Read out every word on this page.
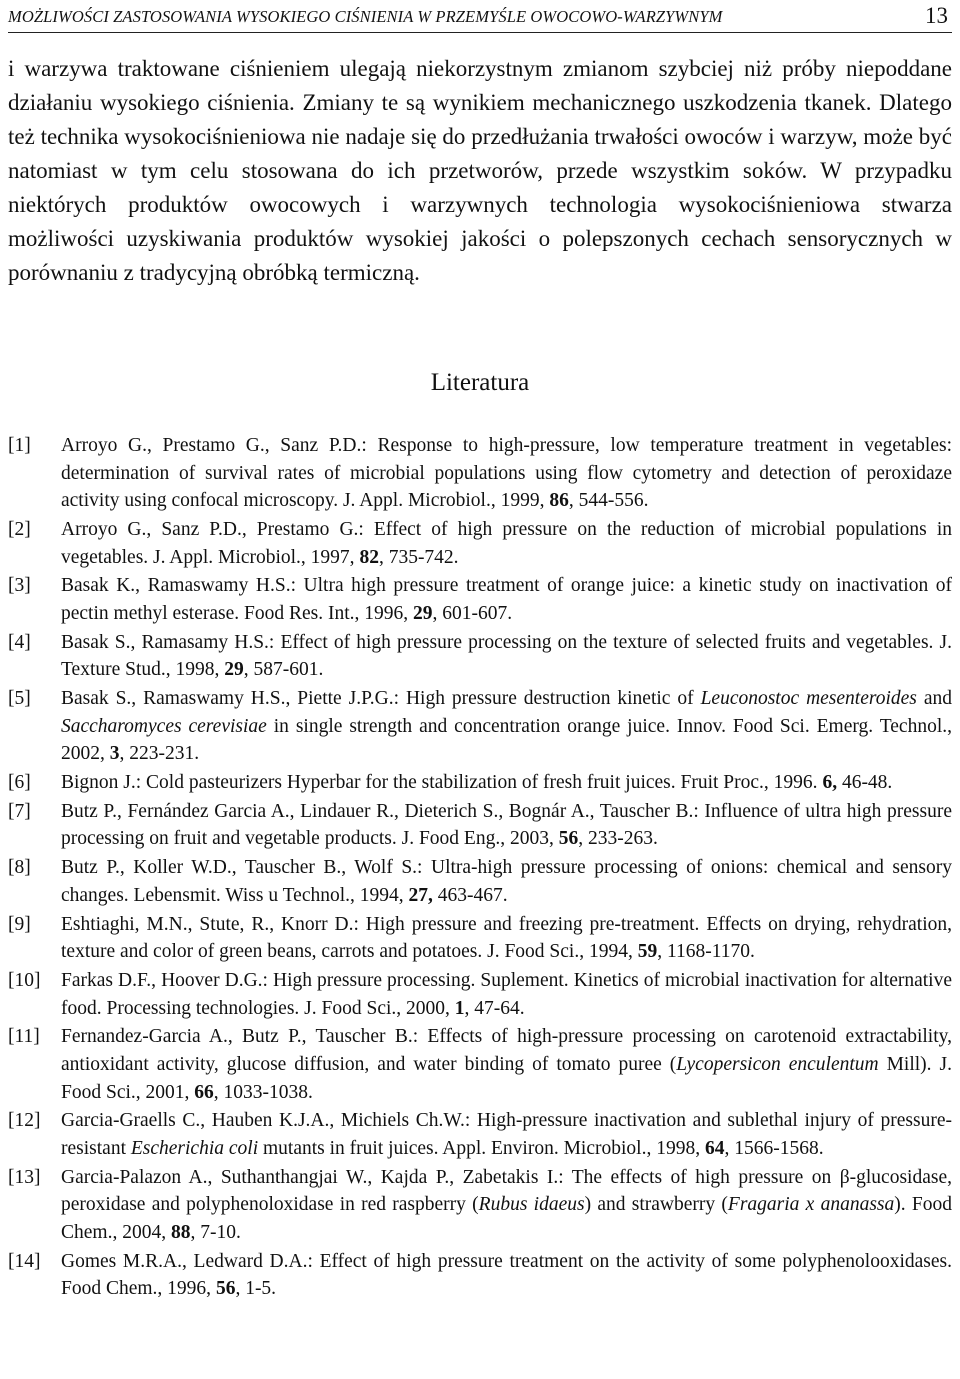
MOŻLIWOŚCI ZASTOSOWANIA WYSOKIEGO CIŚNIENIA W PRZEMYŚLE OWOCOWO-WARZYWNYM	13

i warzywa traktowane ciśnieniem ulegają niekorzystnym zmianom szybciej niż próby niepoddane działaniu wysokiego ciśnienia. Zmiany te są wynikiem mechanicznego uszkodzenia tkanek. Dlatego też technika wysokociśnieniowa nie nadaje się do przedłużania trwałości owoców i warzyw, może być natomiast w tym celu stosowana do ich przetworów, przede wszystkim soków. W przypadku niektórych produktów owocowych i warzywnych technologia wysokociśnieniowa stwarza możliwości uzyskiwania produktów wysokiej jakości o polepszonych cechach sensorycznych w porównaniu z tradycyjną obróbką termiczną.

Literatura
[1] Arroyo G., Prestamo G., Sanz P.D.: Response to high-pressure, low temperature treatment in vegetables: determination of survival rates of microbial populations using flow cytometry and detection of peroxidaze activity using confocal microscopy. J. Appl. Microbiol., 1999, 86, 544-556.
[2] Arroyo G., Sanz P.D., Prestamo G.: Effect of high pressure on the reduction of microbial populations in vegetables. J. Appl. Microbiol., 1997, 82, 735-742.
[3] Basak K., Ramaswamy H.S.: Ultra high pressure treatment of orange juice: a kinetic study on inactivation of pectin methyl esterase. Food Res. Int., 1996, 29, 601-607.
[4] Basak S., Ramasamy H.S.: Effect of high pressure processing on the texture of selected fruits and vegetables. J. Texture Stud., 1998, 29, 587-601.
[5] Basak S., Ramaswamy H.S., Piette J.P.G.: High pressure destruction kinetic of Leuconostoc mesenteroides and Saccharomyces cerevisiae in single strength and concentration orange juice. Innov. Food Sci. Emerg. Technol., 2002, 3, 223-231.
[6] Bignon J.: Cold pasteurizers Hyperbar for the stabilization of fresh fruit juices. Fruit Proc., 1996. 6, 46-48.
[7] Butz P., Fernández Garcia A., Lindauer R., Dieterich S., Bognár A., Tauscher B.: Influence of ultra high pressure processing on fruit and vegetable products. J. Food Eng., 2003, 56, 233-263.
[8] Butz P., Koller W.D., Tauscher B., Wolf S.: Ultra-high pressure processing of onions: chemical and sensory changes. Lebensmit. Wiss u Technol., 1994, 27, 463-467.
[9] Eshtiaghi, M.N., Stute, R., Knorr D.: High pressure and freezing pre-treatment. Effects on drying, rehydration, texture and color of green beans, carrots and potatoes. J. Food Sci., 1994, 59, 1168-1170.
[10] Farkas D.F., Hoover D.G.: High pressure processing. Suplement. Kinetics of microbial inactivation for alternative food. Processing technologies. J. Food Sci., 2000, 1, 47-64.
[11] Fernandez-Garcia A., Butz P., Tauscher B.: Effects of high-pressure processing on carotenoid extractability, antioxidant activity, glucose diffusion, and water binding of tomato puree (Lycopersicon enculentum Mill). J. Food Sci., 2001, 66, 1033-1038.
[12] Garcia-Graells C., Hauben K.J.A., Michiels Ch.W.: High-pressure inactivation and sublethal injury of pressure-resistant Escherichia coli mutants in fruit juices. Appl. Environ. Microbiol., 1998, 64, 1566-1568.
[13] Garcia-Palazon A., Suthanthangjai W., Kajda P., Zabetakis I.: The effects of high pressure on β-glucosidase, peroxidase and polyphenoloxidase in red raspberry (Rubus idaeus) and strawberry (Fragaria x ananassa). Food Chem., 2004, 88, 7-10.
[14] Gomes M.R.A., Ledward D.A.: Effect of high pressure treatment on the activity of some polyphenolooxidases. Food Chem., 1996, 56, 1-5.
